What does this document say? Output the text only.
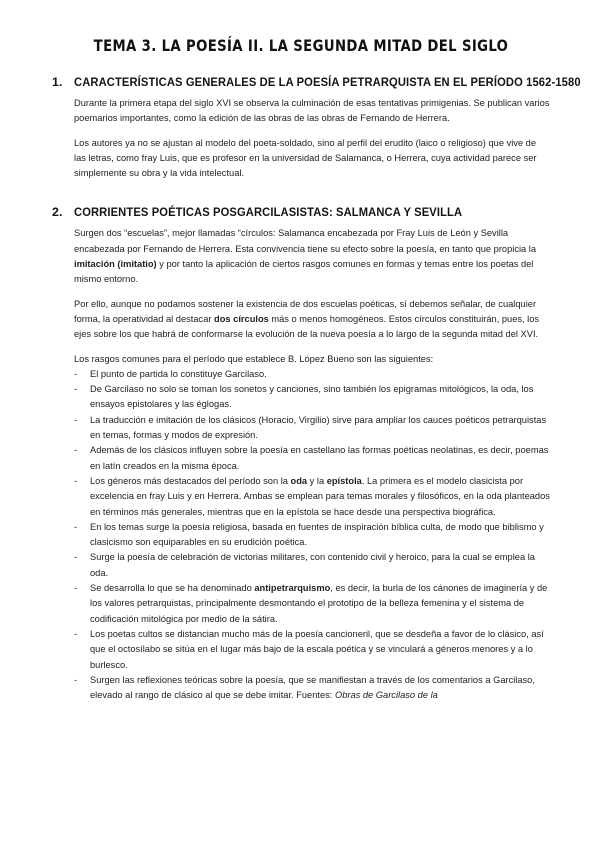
TEMA 3. LA POESÍA II. LA SEGUNDA MITAD DEL SIGLO
1. CARACTERÍSTICAS GENERALES DE LA POESÍA PETRARQUISTA EN EL PERÍODO 1562-1580

Durante la primera etapa del siglo XVI se observa la culminación de esas tentativas primigenias. Se publican varios poemarios importantes, como la edición de las obras de las obras de Fernando de Herrera.

Los autores ya no se ajustan al modelo del poeta-soldado, sino al perfil del erudito (laico o religioso) que vive de las letras, como fray Luis, que es profesor en la universidad de Salamanca, o Herrera, cuya actividad parece ser simplemente su obra y la vida intelectual.

2. CORRIENTES POÉTICAS POSGARCILASISTAS: SALMANCA Y SEVILLA

Surgen dos “escuelas”, mejor llamadas “círculos: Salamanca encabezada por Fray Luis de León y Sevilla encabezada por Fernando de Herrera. Esta convivencia tiene su efecto sobre la poesía, en tanto que propicia la imitación (imitatio) y por tanto la aplicación de ciertos rasgos comunes en formas y temas entre los poetas del mismo entorno.

Por ello, aunque no podamos sostener la existencia de dos escuelas poéticas, sí debemos señalar, de cualquier forma, la operatividad al destacar dos círculos más o menos homogéneos. Estos círculos constituirán, pues, los ejes sobre los que habrá de conformarse la evolución de la nueva poesía a lo largo de la segunda mitad del XVI.

Los rasgos comunes para el período que establece B. López Bueno son las siguientes:

- El punto de partida lo constituye Garcilaso.
- De Garcilaso no solo se toman los sonetos y canciones, sino también los epigramas mitológicos, la oda, los ensayos epistolares y las églogas.
- La traducción e imitación de los clásicos (Horacio, Virgilio) sirve para ampliar los cauces poéticos petrarquistas en temas, formas y modos de expresión.
- Además de los clásicos influyen sobre la poesía en castellano las formas poéticas neolatinas, es decir, poemas en latín creados en la misma época.
- Los géneros más destacados del período son la oda y la epístola. La primera es el modelo clasicista por excelencia en fray Luis y en Herrera. Ambas se emplean para temas morales y filosóficos, en la oda planteados en términos más generales, mientras que en la epístola se hace desde una perspectiva biográfica.
- En los temas surge la poesía religiosa, basada en fuentes de inspiración bíblica culta, de modo que biblismo y clasicismo son equiparables en su erudición poética.
- Surge la poesía de celebración de victorias militares, con contenido civil y heroico, para la cual se emplea la oda.
- Se desarrolla lo que se ha denominado antipetrarquismo, es decir, la burla de los cánones de imaginería y de los valores petrarquistas, principalmente desmontando el prototipo de la belleza femenina y el sistema de codificación mitológica por medio de la sátira.
- Los poetas cultos se distancian mucho más de la poesía cancioneril, que se desdeña a favor de lo clásico, así que el octosílabo se sitúa en el lugar más bajo de la escala poética y se vinculará a géneros menores y a lo burlesco.
- Surgen las reflexiones teóricas sobre la poesía, que se manifiestan a través de los comentarios a Garcilaso, elevado al rango de clásico al que se debe imitar. Fuentes: Obras de Garcilaso de la
